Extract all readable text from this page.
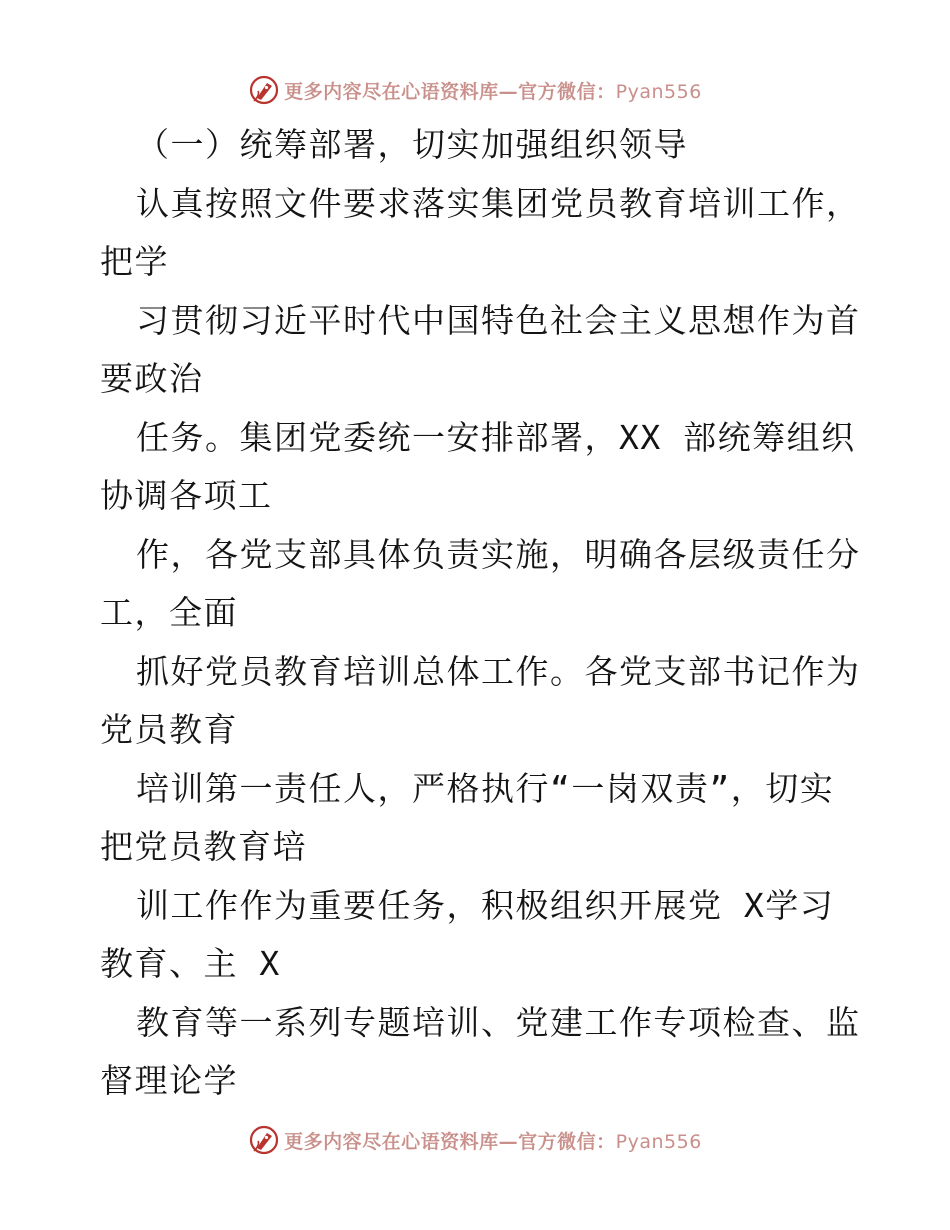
更多内容尽在心语资料库—官方微信：Pyan556
（一）统筹部署，切实加强组织领导
认真按照文件要求落实集团党员教育培训工作，
把学
习贯彻习近平时代中国特色社会主义思想作为首
要政治
任务。集团党委统一安排部署，XX 部统筹组织
协调各项工
作，各党支部具体负责实施，明确各层级责任分
工，全面
抓好党员教育培训总体工作。各党支部书记作为
党员教育
培训第一责任人，严格执行“一岗双责”，切实
把党员教育培
训工作作为重要任务，积极组织开展党 X学习
教育、主 X
教育等一系列专题培训、党建工作专项检查、监
督理论学
更多内容尽在心语资料库—官方微信：Pyan556
